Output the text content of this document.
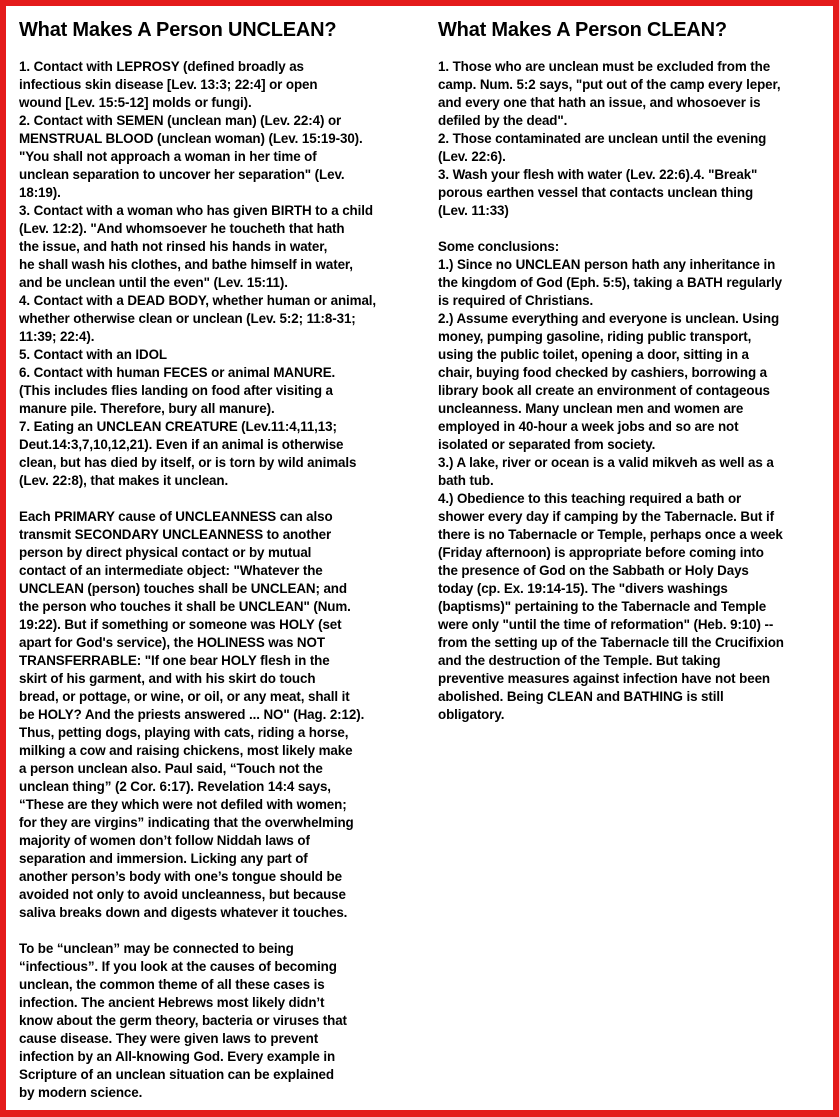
What Makes A Person UNCLEAN?

1. Contact with LEPROSY (defined broadly as
infectious skin disease [Lev. 13:3; 22:4] or open
wound [Lev. 15:5-12] molds or fungi).
2. Contact with SEMEN (unclean man) (Lev. 22:4) or
MENSTRUAL BLOOD (unclean woman) (Lev. 15:19-30).
"You shall not approach a woman in her time of
unclean separation to uncover her separation" (Lev.
18:19).
3. Contact with a woman who has given BIRTH to a child
(Lev. 12:2). "And whomsoever he toucheth that hath
the issue, and hath not rinsed his hands in water,
he shall wash his clothes, and bathe himself in water,
and be unclean until the even" (Lev. 15:11).
4. Contact with a DEAD BODY, whether human or animal,
whether otherwise clean or unclean (Lev. 5:2; 11:8-31;
11:39; 22:4).
5. Contact with an IDOL
6. Contact with human FECES or animal MANURE.
(This includes flies landing on food after visiting a
manure pile. Therefore, bury all manure).
7. Eating an UNCLEAN CREATURE (Lev.11:4,11,13;
Deut.14:3,7,10,12,21). Even if an animal is otherwise
clean, but has died by itself, or is torn by wild animals
(Lev. 22:8), that makes it unclean.

Each PRIMARY cause of UNCLEANNESS can also
transmit SECONDARY UNCLEANNESS to another
person by direct physical contact or by mutual
contact of an intermediate object: "Whatever the
UNCLEAN (person) touches shall be UNCLEAN; and
the person who touches it shall be UNCLEAN" (Num.
19:22). But if something or someone was HOLY (set
apart for God's service), the HOLINESS was NOT
TRANSFERRABLE: "If one bear HOLY flesh in the
skirt of his garment, and with his skirt do touch
bread, or pottage, or wine, or oil, or any meat, shall it
be HOLY? And the priests answered ... NO" (Hag. 2:12).
Thus, petting dogs, playing with cats, riding a horse,
milking a cow and raising chickens, most likely make
a person unclean also. Paul said, “Touch not the
unclean thing” (2 Cor. 6:17). Revelation 14:4 says,
“These are they which were not defiled with women;
for they are virgins” indicating that the overwhelming
majority of women don’t follow Niddah laws of
separation and immersion. Licking any part of
another person’s body with one’s tongue should be
avoided not only to avoid uncleanness, but because
saliva breaks down and digests whatever it touches.

To be “unclean” may be connected to being
“infectious”. If you look at the causes of becoming
unclean, the common theme of all these cases is
infection. The ancient Hebrews most likely didn’t
know about the germ theory, bacteria or viruses that
cause disease. They were given laws to prevent
infection by an All-knowing God. Every example in
Scripture of an unclean situation can be explained
by modern science.

What Makes A Person CLEAN?

1. Those who are unclean must be excluded from the
camp. Num. 5:2 says, "put out of the camp every leper,
and every one that hath an issue, and whosoever is
defiled by the dead".
2. Those contaminated are unclean until the evening
(Lev. 22:6).
3. Wash your flesh with water (Lev. 22:6).4. "Break"
porous earthen vessel that contacts unclean thing
(Lev. 11:33)

Some conclusions:
1.) Since no UNCLEAN person hath any inheritance in
the kingdom of God (Eph. 5:5), taking a BATH regularly
is required of Christians.
2.) Assume everything and everyone is unclean. Using
money, pumping gasoline, riding public transport,
using the public toilet, opening a door, sitting in a
chair, buying food checked by cashiers, borrowing a
library book all create an environment of contageous
uncleanness. Many unclean men and women are
employed in 40-hour a week jobs and so are not
isolated or separated from society.
3.) A lake, river or ocean is a valid mikveh as well as a
bath tub.
4.) Obedience to this teaching required a bath or
shower every day if camping by the Tabernacle. But if
there is no Tabernacle or Temple, perhaps once a week
(Friday afternoon) is appropriate before coming into
the presence of God on the Sabbath or Holy Days
today (cp. Ex. 19:14-15). The "divers washings
(baptisms)" pertaining to the Tabernacle and Temple
were only "until the time of reformation" (Heb. 9:10) --
from the setting up of the Tabernacle till the Crucifixion
and the destruction of the Temple. But taking
preventive measures against infection have not been
abolished. Being CLEAN and BATHING is still
obligatory.
